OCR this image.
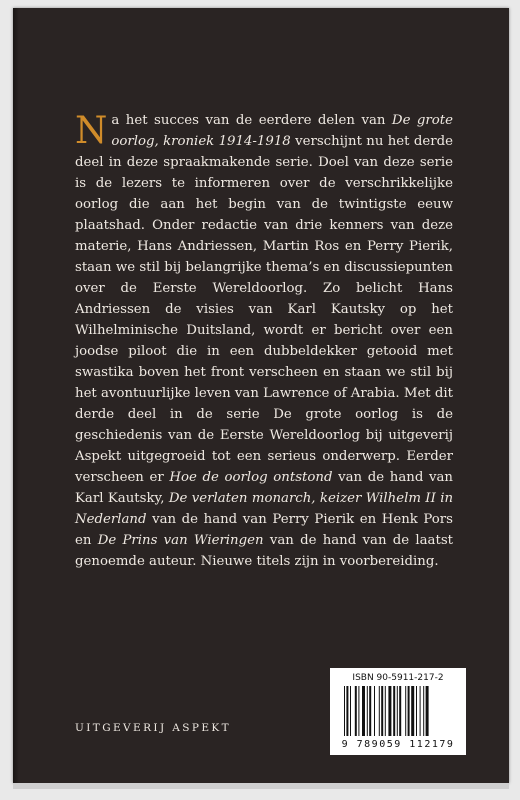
Na het succes van de eerdere delen van De grote oorlog, kroniek 1914-1918 verschijnt nu het derde deel in deze spraakmakende serie. Doel van deze serie is de lezers te informeren over de verschrikkelijke oorlog die aan het begin van de twintigste eeuw plaatshad. Onder redactie van drie kenners van deze materie, Hans Andriessen, Martin Ros en Perry Pierik, staan we stil bij belangrijke thema’s en discussiepunten over de Eerste Wereldoorlog. Zo belicht Hans Andriessen de visies van Karl Kautsky op het Wilhelminische Duitsland, wordt er bericht over een joodse piloot die in een dubbeldekker getooid met swastika boven het front verscheen en staan we stil bij het avontuurlijke leven van Lawrence of Arabia. Met dit derde deel in de serie De grote oorlog is de geschiedenis van de Eerste Wereldoorlog bij uitgeverij Aspekt uitgegroeid tot een serieus onderwerp. Eerder verscheen er Hoe de oorlog ontstond van de hand van Karl Kautsky, De verlaten monarch, keizer Wilhelm II in Nederland van de hand van Perry Pierik en Henk Pors en De Prins van Wieringen van de hand van de laatst genoemde auteur. Nieuwe titels zijn in voorbereiding.

UITGEVERIJ ASPEKT

ISBN 90-5911-217-2
9 789059 112179
